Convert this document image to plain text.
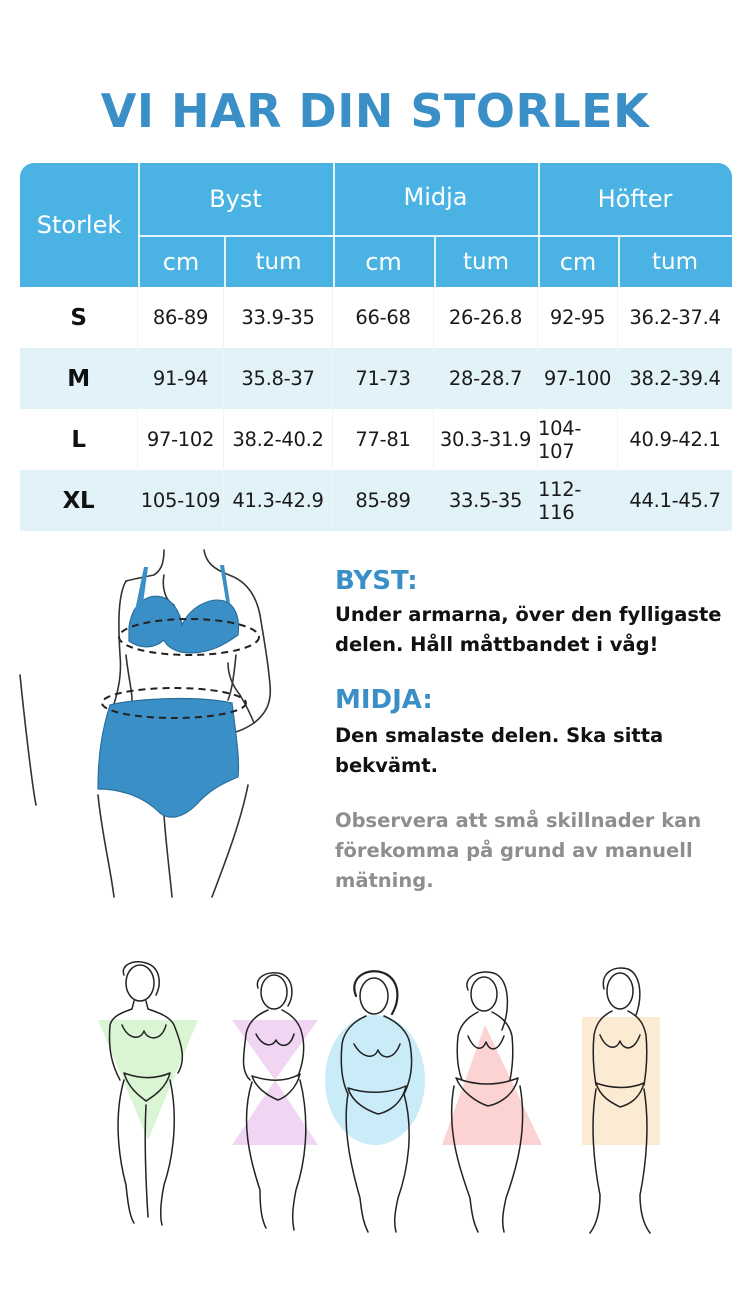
VI HAR DIN STORLEK
Storlek
Byst	Midja	Höfter
cm	tum	cm	tum	cm	tum
S	86-89	33.9-35	66-68	26-26.8	92-95	36.2-37.4
M	91-94	35.8-37	71-73	28-28.7	97-100 38.2-39.4
L	97-102 38.2-40.2	77-81	30.3-31.9 104-107	40.9-42.1
XL	105-109 41.3-42.9	85-89	33.5-35 112-116	44.1-45.7
BYST:
Under armarna, över den fylligaste
delen. Håll måttbandet i våg!
MIDJA:
Den smalaste delen. Ska sitta
bekvämt.
Observera att små skillnader kan
förekomma på grund av manuell
mätning.
